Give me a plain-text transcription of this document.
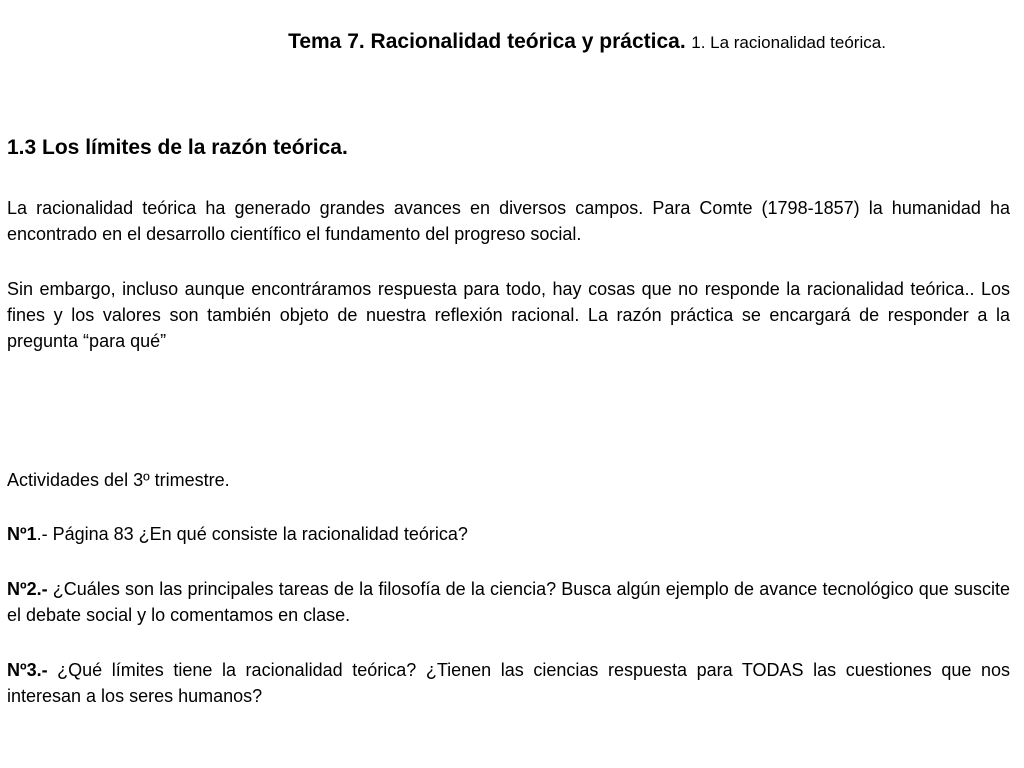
Tema 7. Racionalidad teórica y práctica. 1. La racionalidad teórica.
1.3 Los límites de la razón teórica.

La racionalidad teórica ha generado grandes avances en diversos campos. Para Comte (1798-1857) la humanidad ha encontrado en el desarrollo científico el fundamento del progreso social.

Sin embargo, incluso aunque encontráramos respuesta para todo, hay cosas que no responde la racionalidad teórica.. Los fines y los valores son también objeto de nuestra reflexión racional. La razón práctica se encargará de responder a la pregunta “para qué”

Actividades del 3º trimestre.

Nº1.- Página 83 ¿En qué consiste la racionalidad teórica?

Nº2.- ¿Cuáles son las principales tareas de la filosofía de la ciencia? Busca algún ejemplo de avance tecnológico que suscite el debate social y lo comentamos en clase.

Nº3.- ¿Qué límites tiene la racionalidad teórica? ¿Tienen las ciencias respuesta para TODAS las cuestiones que nos interesan a los seres humanos?
